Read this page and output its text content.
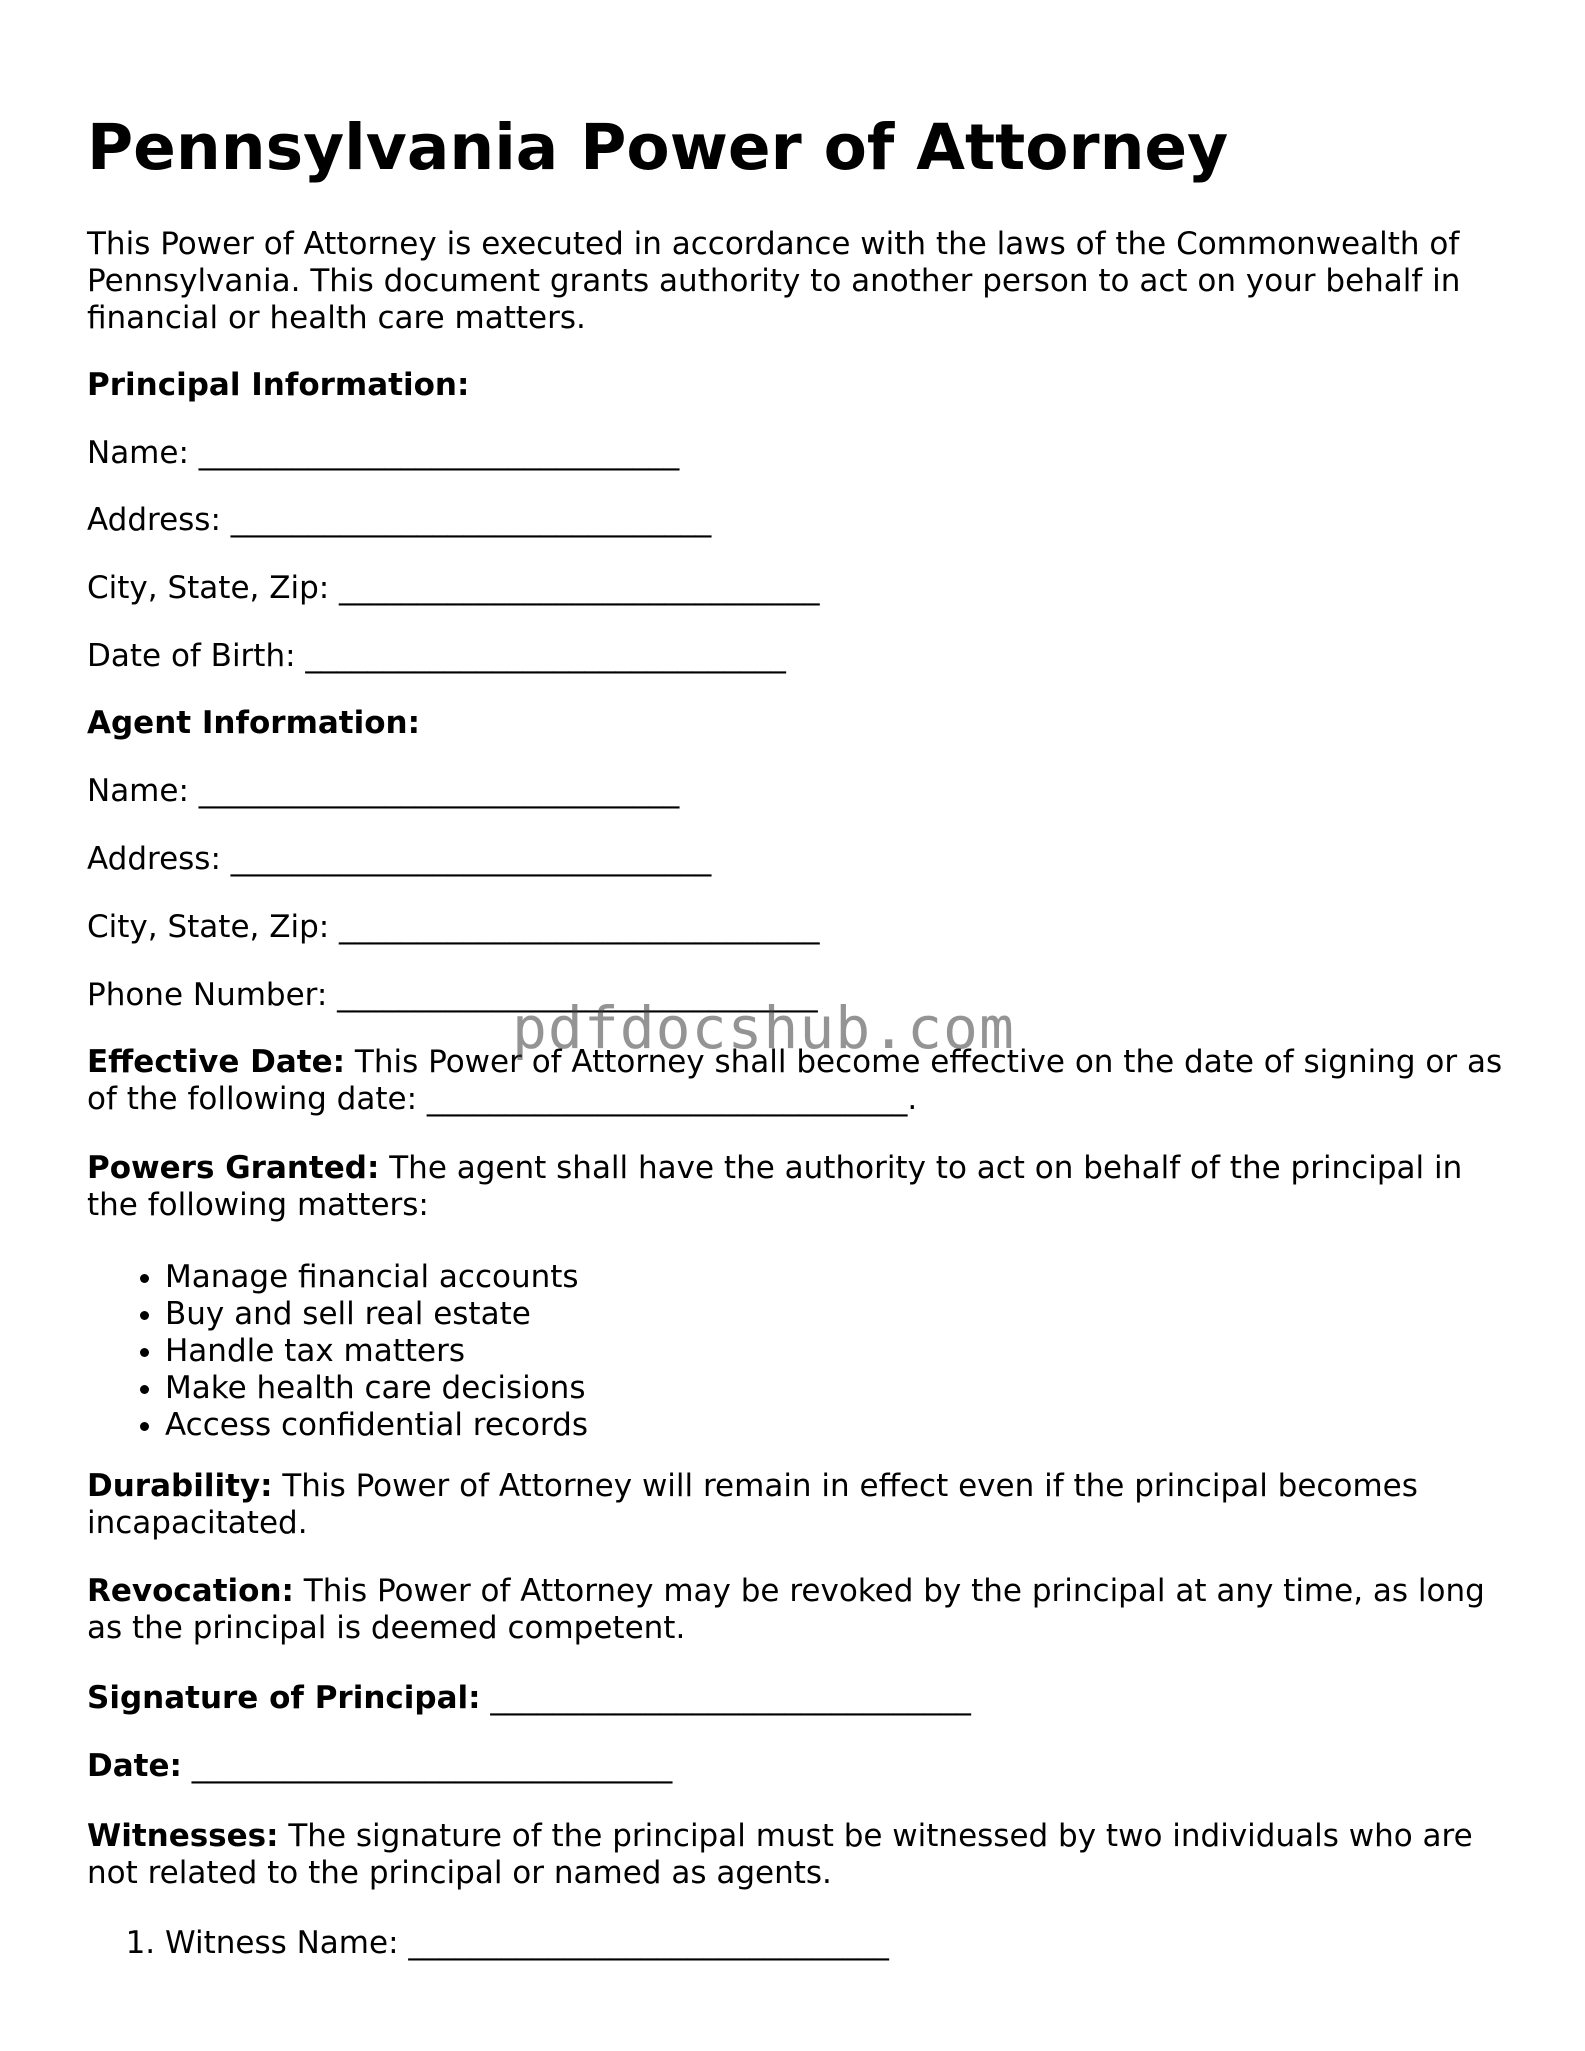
Pennsylvania Power of Attorney

This Power of Attorney is executed in accordance with the laws of the Commonwealth of Pennsylvania. This document grants authority to another person to act on your behalf in financial or health care matters.

Principal Information:

Name: _______________________________

Address: _______________________________

City, State, Zip: _______________________________

Date of Birth: _______________________________

Agent Information:

Name: _______________________________

Address: _______________________________

City, State, Zip: _______________________________

Phone Number: _______________________________

Effective Date: This Power of Attorney shall become effective on the date of signing or as of the following date: _______________________________.

Powers Granted: The agent shall have the authority to act on behalf of the principal in the following matters:

• Manage financial accounts
• Buy and sell real estate
• Handle tax matters
• Make health care decisions
• Access confidential records

Durability: This Power of Attorney will remain in effect even if the principal becomes incapacitated.

Revocation: This Power of Attorney may be revoked by the principal at any time, as long as the principal is deemed competent.

Signature of Principal: _______________________________

Date: _______________________________

Witnesses: The signature of the principal must be witnessed by two individuals who are not related to the principal or named as agents.

1. Witness Name: _______________________________
pdfdocshub.com
